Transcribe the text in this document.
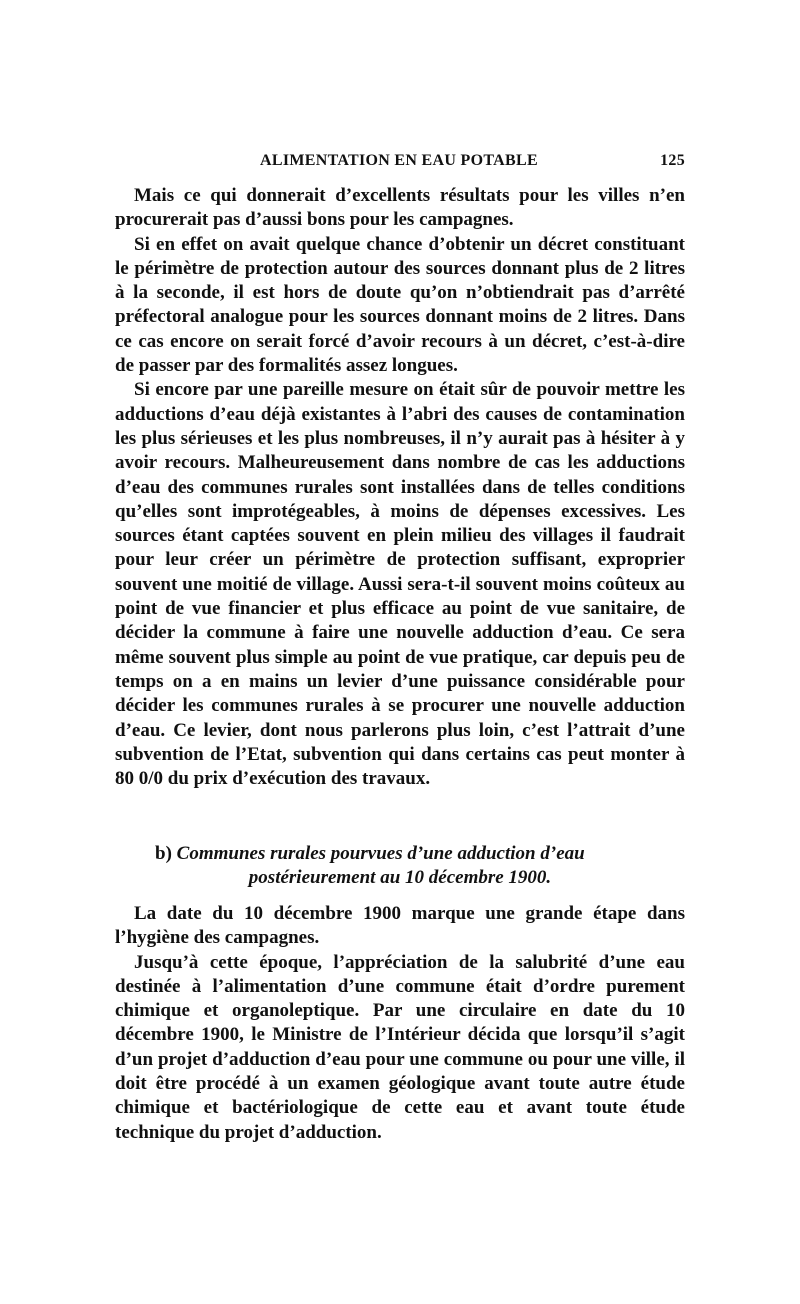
ALIMENTATION EN EAU POTABLE	125

Mais ce qui donnerait d’excellents résultats pour les villes n’en procurerait pas d’aussi bons pour les campagnes.

Si en effet on avait quelque chance d’obtenir un décret constituant le périmètre de protection autour des sources donnant plus de 2 litres à la seconde, il est hors de doute qu’on n’obtiendrait pas d’arrêté préfectoral analogue pour les sources donnant moins de 2 litres. Dans ce cas encore on serait forcé d’avoir recours à un décret, c’est-à-dire de passer par des formalités assez longues.

Si encore par une pareille mesure on était sûr de pouvoir mettre les adductions d’eau déjà existantes à l’abri des causes de contamination les plus sérieuses et les plus nombreuses, il n’y aurait pas à hésiter à y avoir recours. Malheureusement dans nombre de cas les adductions d’eau des communes rurales sont installées dans de telles conditions qu’elles sont improtégeables, à moins de dépenses excessives. Les sources étant captées souvent en plein milieu des villages il faudrait pour leur créer un périmètre de protection suffisant, exproprier souvent une moitié de village. Aussi sera-t-il souvent moins coûteux au point de vue financier et plus efficace au point de vue sanitaire, de décider la commune à faire une nouvelle adduction d’eau. Ce sera même souvent plus simple au point de vue pratique, car depuis peu de temps on a en mains un levier d’une puissance considérable pour décider les communes rurales à se procurer une nouvelle adduction d’eau. Ce levier, dont nous parlerons plus loin, c’est l’attrait d’une subvention de l’Etat, subvention qui dans certains cas peut monter à 80 0/0 du prix d’exécution des travaux.

b) Communes rurales pourvues d’une adduction d’eau
postérieurement au 10 décembre 1900.

La date du 10 décembre 1900 marque une grande étape dans l’hygiène des campagnes.

Jusqu’à cette époque, l’appréciation de la salubrité d’une eau destinée à l’alimentation d’une commune était d’ordre purement chimique et organoleptique. Par une circulaire en date du 10 décembre 1900, le Ministre de l’Intérieur décida que lorsqu’il s’agit d’un projet d’adduction d’eau pour une commune ou pour une ville, il doit être procédé à un examen géologique avant toute autre étude chimique et bactériologique de cette eau et avant toute étude technique du projet d’adduction.
